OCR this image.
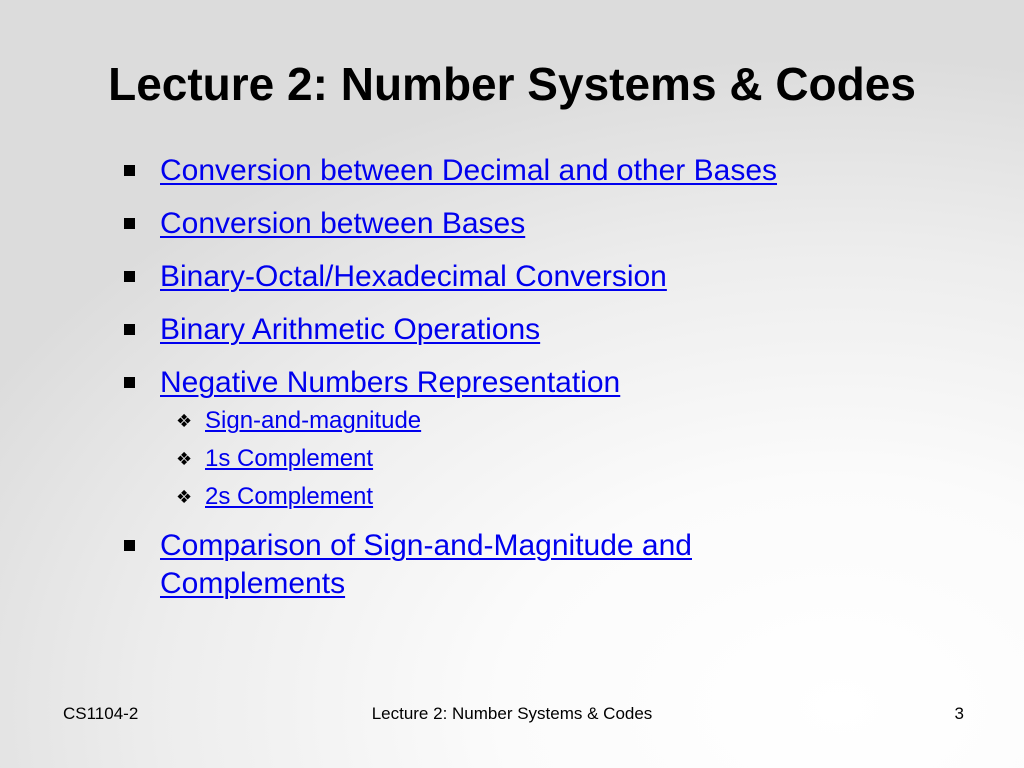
Lecture 2: Number Systems & Codes
Conversion between Decimal and other Bases
Conversion between Bases
Binary-Octal/Hexadecimal Conversion
Binary Arithmetic Operations
Negative Numbers Representation
❖ Sign-and-magnitude
❖ 1s Complement
❖ 2s Complement
Comparison of Sign-and-Magnitude and Complements
CS1104-2	Lecture 2: Number Systems & Codes	3
